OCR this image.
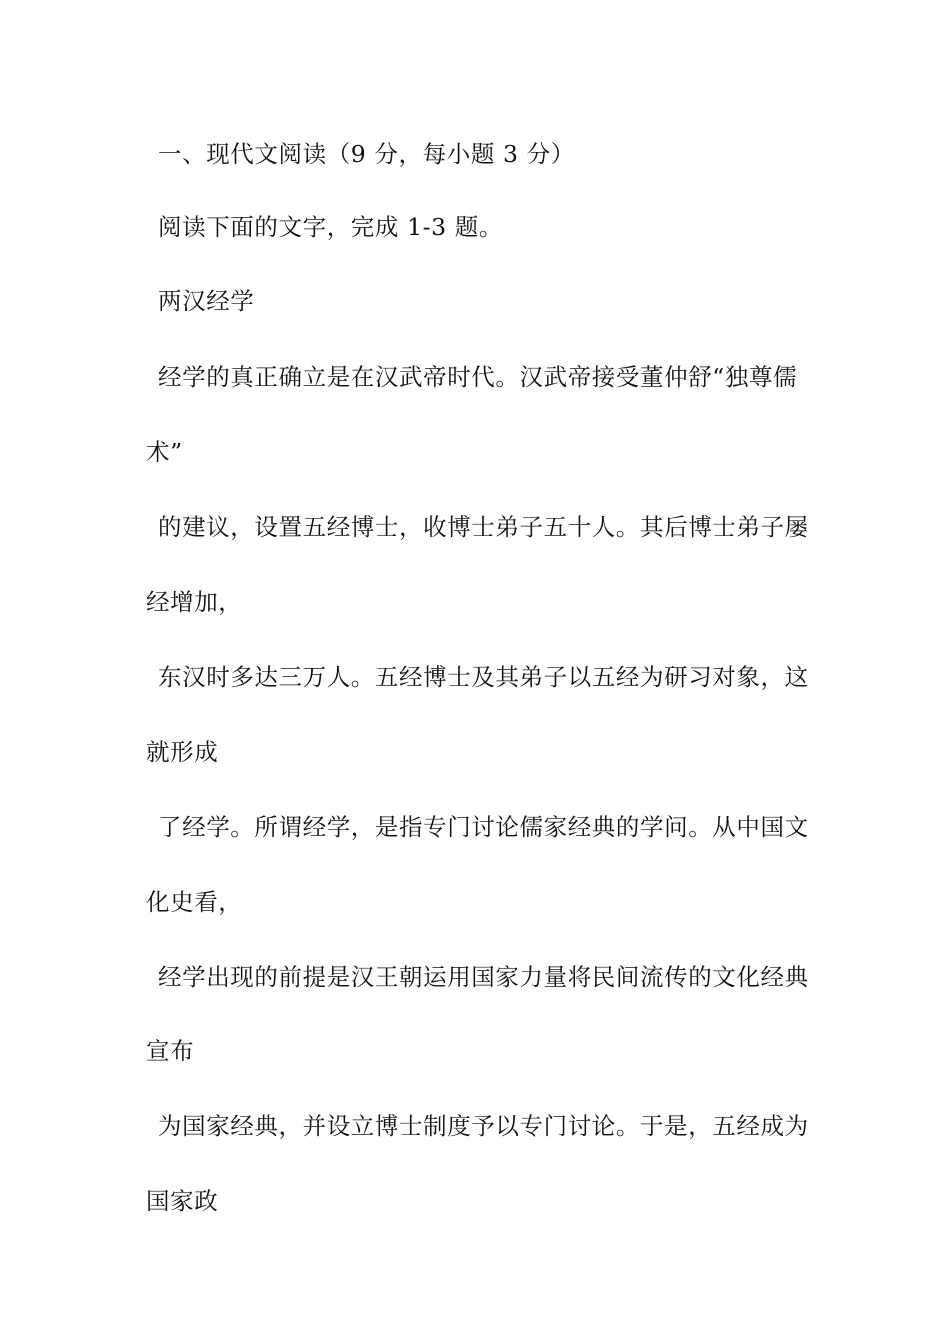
一、现代文阅读（9 分，每小题 3 分）
阅读下面的文字，完成 1-3 题。
两汉经学
经学的真正确立是在汉武帝时代。汉武帝接受董仲舒“独尊儒
术”
的建议，设置五经博士，收博士弟子五十人。其后博士弟子屡
经增加，
东汉时多达三万人。五经博士及其弟子以五经为研习对象，这
就形成
了经学。所谓经学，是指专门讨论儒家经典的学问。从中国文
化史看，
经学出现的前提是汉王朝运用国家力量将民间流传的文化经典
宣布
为国家经典，并设立博士制度予以专门讨论。于是，五经成为
国家政
